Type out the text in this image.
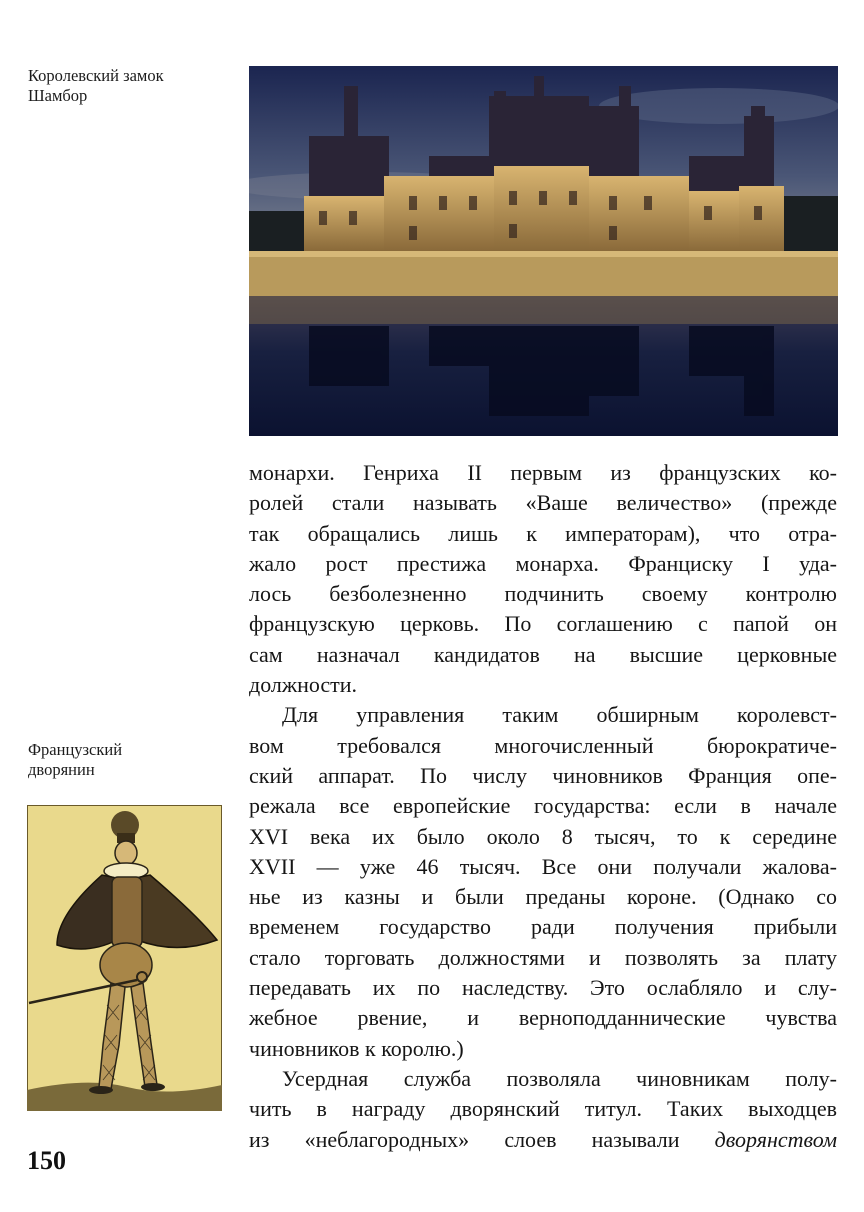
Королевский замок
Шамбор

монархи. Генриха II первым из французских ко-
ролей стали называть «Ваше величество» (прежде
так обращались лишь к императорам), что отра-
жало рост престижа монарха. Франциску I уда-
лось безболезненно подчинить своему контролю
французскую церковь. По соглашению с папой он
сам назначал кандидатов на высшие церковные
должности.

Для управления таким обширным королевст-
вом требовался многочисленный бюрократиче-
ский аппарат. По числу чиновников Франция опе-
режала все европейские государства: если в начале
XVI века их было около 8 тысяч, то к середине
XVII — уже 46 тысяч. Все они получали жалова-
нье из казны и были преданы короне. (Однако со
временем государство ради получения прибыли
стало торговать должностями и позволять за плату
передавать их по наследству. Это ослабляло и слу-
жебное рвение, и верноподданнические чувства
чиновников к королю.)

Усердная служба позволяла чиновникам полу-
чить в награду дворянский титул. Таких выходцев
из «неблагородных» слоев называли дворянством

Французский
дворянин
150
